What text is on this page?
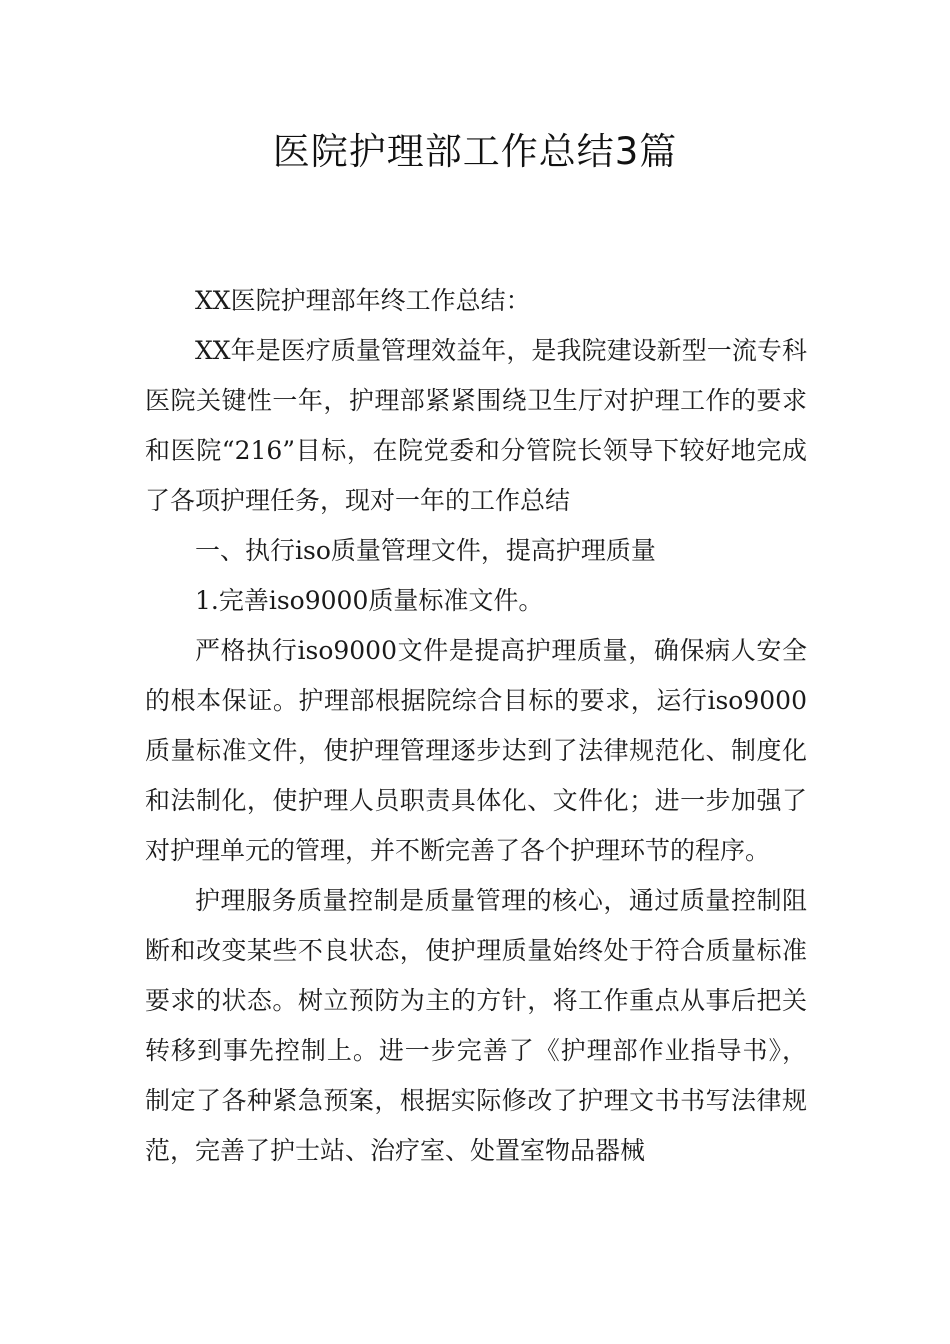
医院护理部工作总结3篇

XX医院护理部年终工作总结：

XX年是医疗质量管理效益年，是我院建设新型一流专科医院关键性一年，护理部紧紧围绕卫生厅对护理工作的要求和医院“216”目标，在院党委和分管院长领导下较好地完成了各项护理任务，现对一年的工作总结

一、执行iso质量管理文件，提高护理质量

1.完善iso9000质量标准文件。

严格执行iso9000文件是提高护理质量，确保病人安全的根本保证。护理部根据院综合目标的要求，运行iso9000质量标准文件，使护理管理逐步达到了法律规范化、制度化和法制化，使护理人员职责具体化、文件化；进一步加强了对护理单元的管理，并不断完善了各个护理环节的程序。

护理服务质量控制是质量管理的核心，通过质量控制阻断和改变某些不良状态，使护理质量始终处于符合质量标准要求的状态。树立预防为主的方针，将工作重点从事后把关转移到事先控制上。进一步完善了《护理部作业指导书》，制定了各种紧急预案，根据实际修改了护理文书书写法律规范，完善了护士站、治疗室、处置室物品器械
